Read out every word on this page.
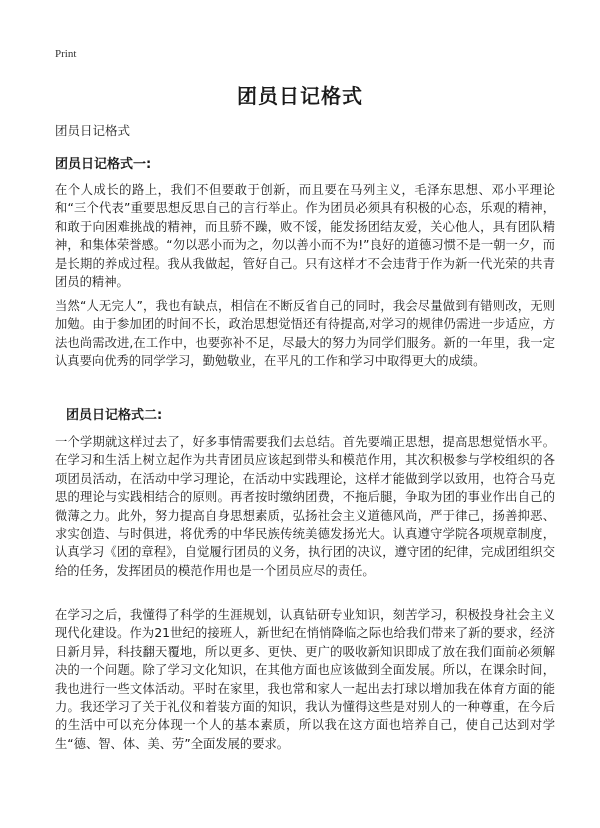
Print
团员日记格式
团员日记格式
团员日记格式一:
在个人成长的路上，我们不但要敢于创新，而且要在马列主义，毛泽东思想、邓小平理论和“三个代表”重要思想反思自己的言行举止。作为团员必须具有积极的心态，乐观的精神，和敢于向困难挑战的精神，而且骄不躁，败不馁，能发扬团结友爱，关心他人，具有团队精神，和集体荣誉感。“勿以恶小而为之，勿以善小而不为!”良好的道德习惯不是一朝一夕，而是长期的养成过程。我从我做起，管好自己。只有这样才不会违背于作为新一代光荣的共青团员的精神。
当然“人无完人”，我也有缺点，相信在不断反省自己的同时，我会尽量做到有错则改，无则加勉。由于参加团的时间不长，政治思想觉悟还有待提高,对学习的规律仍需进一步适应，方法也尚需改进,在工作中，也要弥补不足，尽最大的努力为同学们服务。新的一年里，我一定认真要向优秀的同学学习，勤勉敬业，在平凡的工作和学习中取得更大的成绩。
团员日记格式二:
一个学期就这样过去了，好多事情需要我们去总结。首先要端正思想，提高思想觉悟水平。在学习和生活上树立起作为共青团员应该起到带头和模范作用，其次积极参与学校组织的各项团员活动，在活动中学习理论，在活动中实践理论，这样才能做到学以致用，也符合马克思的理论与实践相结合的原则。再者按时缴纳团费，不拖后腿，争取为团的事业作出自己的微薄之力。此外，努力提高自身思想素质，弘扬社会主义道德风尚，严于律己，扬善抑恶、求实创造、与时俱进，将优秀的中华民族传统美德发扬光大。认真遵守学院各项规章制度，认真学习《团的章程》，自觉履行团员的义务，执行团的决议，遵守团的纪律，完成团组织交给的任务，发挥团员的模范作用也是一个团员应尽的责任。
在学习之后，我懂得了科学的生涯规划，认真钻研专业知识，刻苦学习，积极投身社会主义现代化建设。作为21世纪的接班人，新世纪在悄悄降临之际也给我们带来了新的要求，经济日新月异，科技翻天覆地，所以更多、更快、更广的吸收新知识即成了放在我们面前必须解决的一个问题。除了学习文化知识，在其他方面也应该做到全面发展。所以，在课余时间，我也进行一些文体活动。平时在家里，我也常和家人一起出去打球以增加我在体育方面的能力。我还学习了关于礼仪和着装方面的知识，我认为懂得这些是对别人的一种尊重，在今后的生活中可以充分体现一个人的基本素质，所以我在这方面也培养自己，使自己达到对学生“德、智、体、美、劳”全面发展的要求。
